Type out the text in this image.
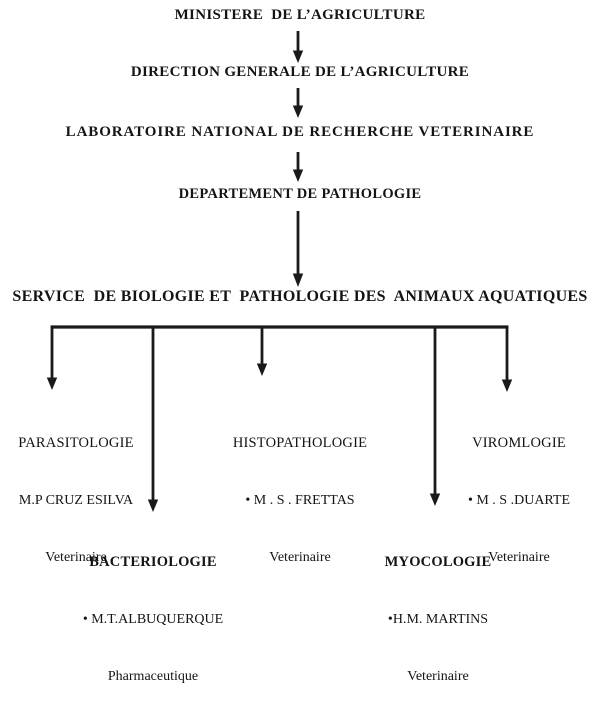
MINISTERE  DE L’AGRICULTURE
DIRECTION GENERALE DE L’AGRICULTURE
LABORATOIRE NATIONAL DE RECHERCHE VETERINAIRE
DEPARTEMENT DE PATHOLOGIE
SERVICE  DE BIOLOGIE ET  PATHOLOGIE DES  ANIMAUX AQUATIQUES

PARASITOLOGIE

M.P CRUZ ESILVA

Veterinaire

HISTOPATHOLOGIE

• M . S . FRETTAS

Veterinaire

VIROMLOGIE

• M . S .DUARTE

Veterinaire

BACTERIOLOGIE

• M.T.ALBUQUERQUE

Pharmaceutique

MYOCOLOGIE

•H.M. MARTINS

Veterinaire
